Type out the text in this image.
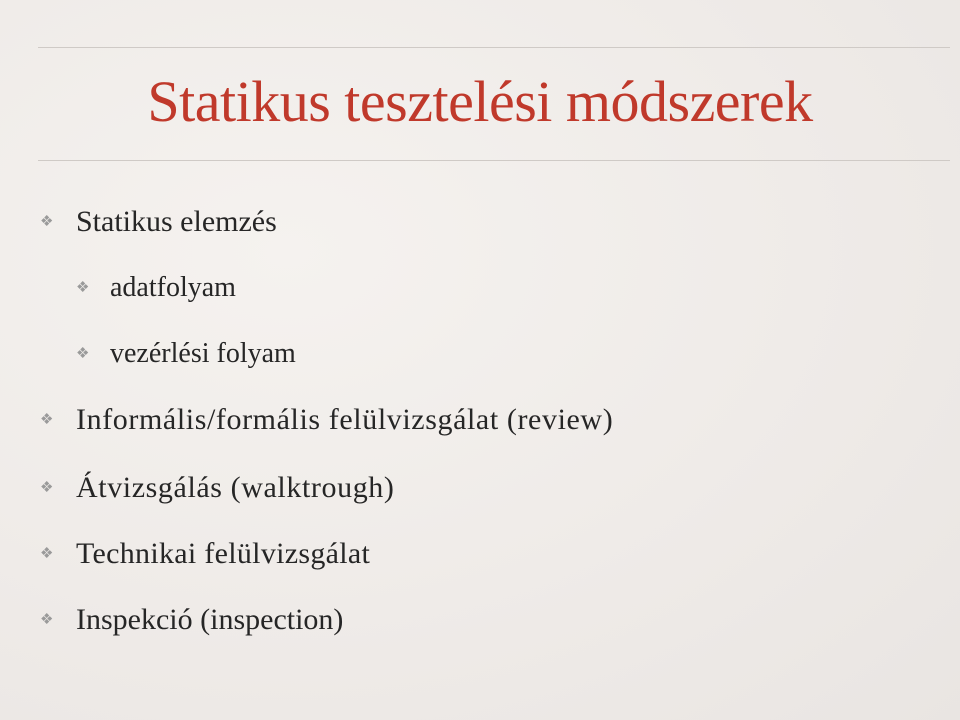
Statikus tesztelési módszerek
❖ Statikus elemzés
❖ adatfolyam
❖ vezérlési folyam
❖ Informális/formális felülvizsgálat (review)
❖ Átvizsgálás (walktrough)
❖ Technikai felülvizsgálat
❖ Inspekció (inspection)
